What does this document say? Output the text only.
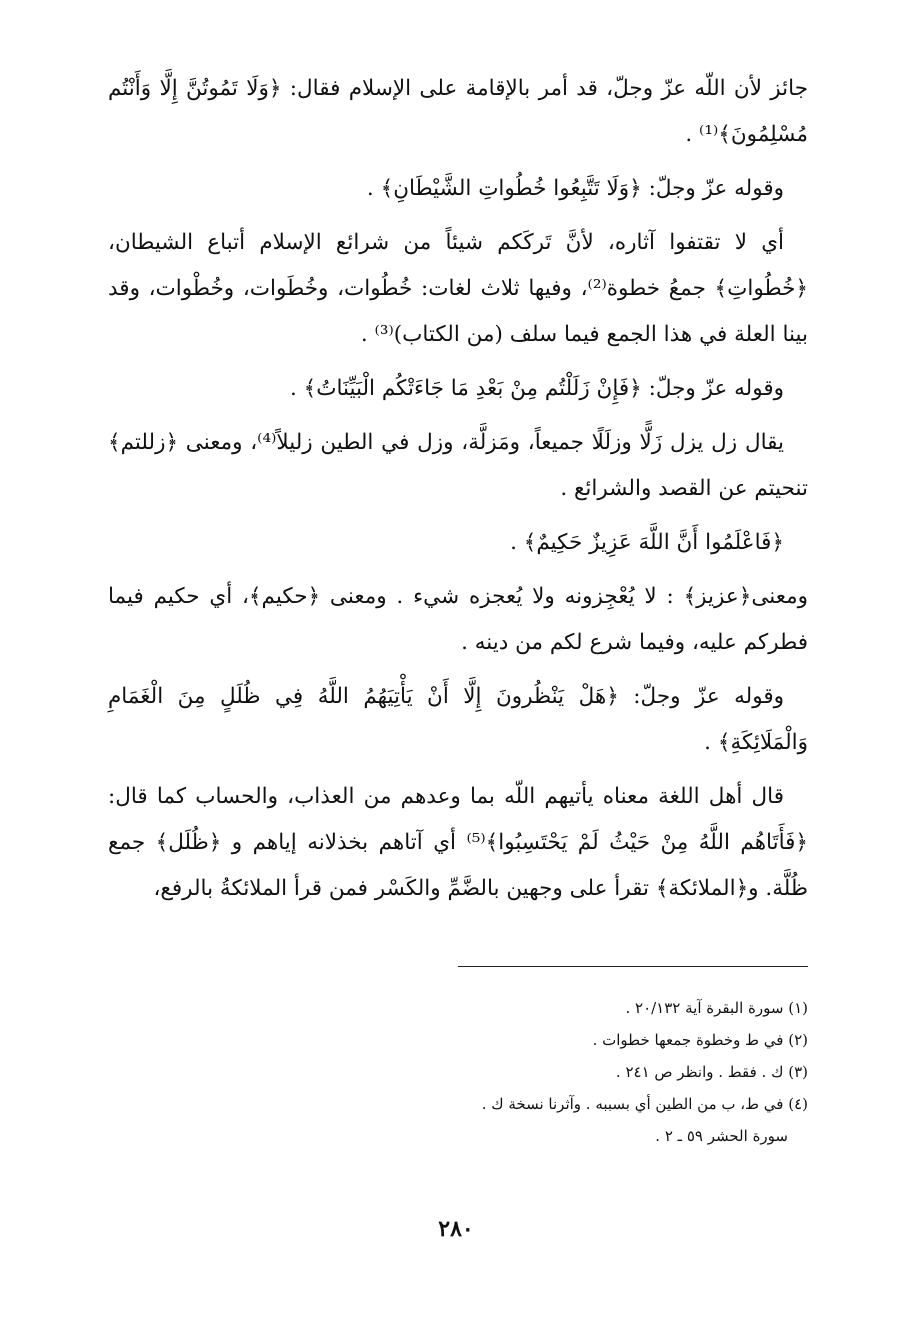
جائز لأن اللّه عزّ وجلّ، قد أمر بالإقامة على الإسلام فقال: ﴿وَلَا تَمُوتُنَّ إِلَّا وَأَنْتُم مُسْلِمُونَ﴾⁽¹⁾ .

وقوله عزّ وجلّ: ﴿وَلَا تَتَّبِعُوا خُطُواتِ الشَّيْطَانِ﴾ .

أي لا تقتفوا آثاره، لأنَّ تَركَكم شيئاً من شرائع الإسلام أتباع الشيطان، ﴿خُطُواتِ﴾ جمعُ خطوة⁽²⁾، وفيها ثلاث لغات: خُطُوات، وخُطَوات، وخُطْوات، وقد بينا العلة في هذا الجمع فيما سلف (من الكتاب)⁽³⁾ .

وقوله عزّ وجلّ: ﴿فَإِنْ زَلَلْتُم مِنْ بَعْدِ مَا جَاءَتْكُم الْبَيِّنَاتُ﴾ .

يقال زل يزل زَلًّا وزلَلًا جميعاً، ومَزلَّة، وزل في الطين زليلاً⁽⁴⁾، ومعنى ﴿زللتم﴾ تنحيتم عن القصد والشرائع .

﴿فَاعْلَمُوا أَنَّ اللَّهَ عَزِيزٌ حَكِيمٌ﴾ .

ومعنى﴿عزيز﴾ : لا يُعْجِزونه ولا يُعجزه شيء . ومعنى ﴿حكيم﴾، أي حكيم فيما فطركم عليه، وفيما شرع لكم من دينه .

وقوله عزّ وجلّ: ﴿هَلْ يَنْظُرونَ إِلَّا أَنْ يَأْتِيَهُمُ اللَّهُ فِي ظُلَلٍ مِنَ الْغَمَامِ وَالْمَلَائِكَةِ﴾ .

قال أهل اللغة معناه يأتيهم اللّه بما وعدهم من العذاب، والحساب كما قال: ﴿فَأَتَاهُم اللَّهُ مِنْ حَيْثُ لَمْ يَحْتَسِبُوا﴾⁽⁵⁾ أي آتاهم بخذلانه إياهم و ﴿ظُلَل﴾ جمع ظُلَّة. و﴿الملائكة﴾ تقرأ على وجهين بالضَّمِّ والكَسْر فمن قرأ الملائكةُ بالرفع،

(١) سورة البقرة آية ٢٠/١٣٢ .
(٢) في ط وخطوة جمعها خطوات .
(٣) ك . فقط . وانظر ص ٢٤١ .
(٤) في ط، ب من الطين أي بسببه . وآثرنا نسخة ك .
سورة الحشر ٥٩ ـ ٢ .
٢٨٠
